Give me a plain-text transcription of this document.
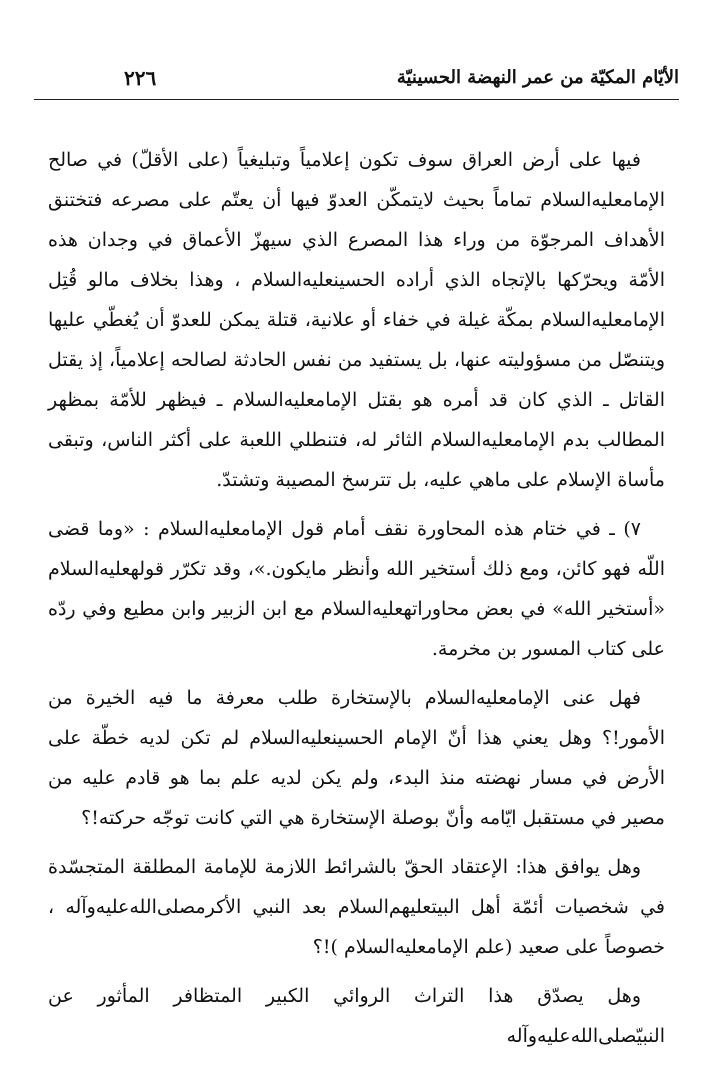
الأيّام المكيّة من عمر النهضة الحسينيّة
٢٢٦

فيها على أرض العراق سوف تكون إعلامياً وتبليغياً (على الأقلّ) في صالح الإمامعليه‌السلام تماماً بحيث لايتمكّن العدوّ فيها أن يعتّم على مصرعه فتختنق الأهداف المرجوّة من وراء هذا المصرع الذي سيهزّ الأعماق في وجدان هذه الأمّة ويحرّكها بالإتجاه الذي أراده الحسينعليه‌السلام ، وهذا بخلاف مالو قُتِل الإمامعليه‌السلام بمكّة غيلة في خفاء أو علانية، قتلة يمكن للعدوّ أن يُغطّي عليها ويتنصّل من مسؤوليته عنها، بل يستفيد من نفس الحادثة لصالحه إعلامياً، إذ يقتل القاتل ـ الذي كان قد أمره هو بقتل الإمامعليه‌السلام ـ فيظهر للأمّة بمظهر المطالب بدم الإمامعليه‌السلام الثائر له، فتنطلي اللعبة على أكثر الناس، وتبقى مأساة الإسلام على ماهي عليه، بل تترسخ المصيبة وتشتدّ.

٧) ـ في ختام هذه المحاورة نقف أمام قول الإمامعليه‌السلام : «وما قضى اللّه فهو كائن، ومع ذلك أستخير الله وأنظر مايكون.»، وقد تكرّر قولهعليه‌السلام «أستخير الله» في بعض محاوراتهعليه‌السلام مع ابن الزبير وابن مطيع وفي ردّه على كتاب المسور بن مخرمة.

فهل عنى الإمامعليه‌السلام بالإستخارة طلب معرفة ما فيه الخيرة من الأمور!؟ وهل يعني هذا أنّ الإمام الحسينعليه‌السلام لم تكن لديه خطّة على الأرض في مسار نهضته منذ البدء، ولم يكن لديه علم بما هو قادم عليه من مصير في مستقبل ايّامه وأنّ بوصلة الإستخارة هي التي كانت توجّه حركته!؟

وهل يوافق هذا: الإعتقاد الحقّ بالشرائط اللازمة للإمامة المطلقة المتجسّدة في شخصيات أئمّة أهل البيتعليهم‌السلام بعد النبي الأكرمصلى‌الله‌عليه‌وآله ، خصوصاً على صعيد (علم الإمامعليه‌السلام )!؟

وهل يصدّق هذا التراث الروائي الكبير المتظافر المأثور عن النبيّصلى‌الله‌عليه‌وآله
